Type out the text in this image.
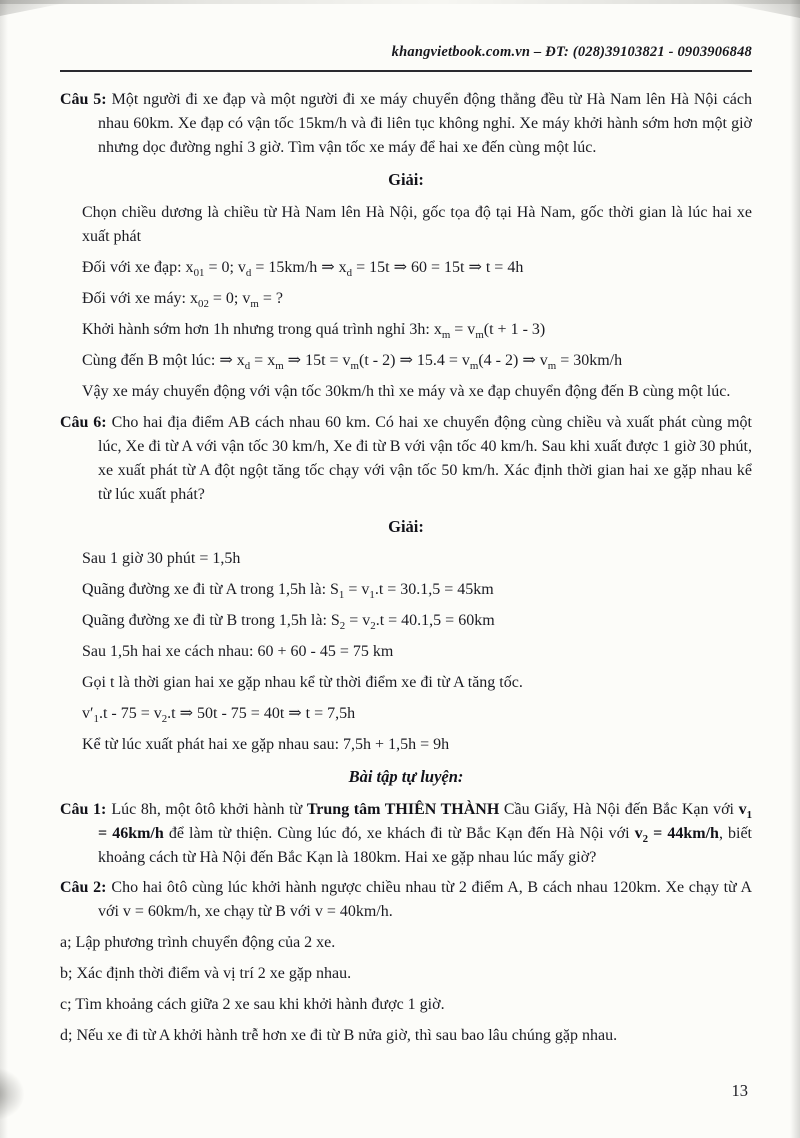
khangvietbook.com.vn – ĐT: (028)39103821 - 0903906848

Câu 5: Một người đi xe đạp và một người đi xe máy chuyển động thẳng đều từ Hà Nam lên Hà Nội cách nhau 60km. Xe đạp có vận tốc 15km/h và đi liên tục không nghỉ. Xe máy khởi hành sớm hơn một giờ nhưng dọc đường nghỉ 3 giờ. Tìm vận tốc xe máy để hai xe đến cùng một lúc.

Giải:

Chọn chiều dương là chiều từ Hà Nam lên Hà Nội, gốc tọa độ tại Hà Nam, gốc thời gian là lúc hai xe xuất phát

Đối với xe đạp: $x_{01} = 0$; $v_d = 15km/h$ ⇒ $x_d = 15t$ ⇒ 60 = 15t ⇒ t = 4h

Đối với xe máy: $x_{02} = 0$; $v_m$ = ?

Khởi hành sớm hơn 1h nhưng trong quá trình nghỉ 3h: $x_m = v_m(t + 1 - 3)$

Cùng đến B một lúc: ⇒ $x_d = x_m$ ⇒ $15t = v_m(t - 2)$ ⇒ $15.4 = v_m(4 - 2)$ ⇒ $v_m = 30km/h$

Vậy xe máy chuyển động với vận tốc 30km/h thì xe máy và xe đạp chuyển động đến B cùng một lúc.

Câu 6: Cho hai địa điểm AB cách nhau 60 km. Có hai xe chuyển động cùng chiều và xuất phát cùng một lúc, Xe đi từ A với vận tốc 30 km/h, Xe đi từ B với vận tốc 40 km/h. Sau khi xuất được 1 giờ 30 phút, xe xuất phát từ A đột ngột tăng tốc chạy với vận tốc 50 km/h. Xác định thời gian hai xe gặp nhau kể từ lúc xuất phát?

Giải:

Sau 1 giờ 30 phút = 1,5h

Quãng đường xe đi từ A trong 1,5h là: $S_1 = v_1.t = 30.1,5 = 45km$

Quãng đường xe đi từ B trong 1,5h là: $S_2 = v_2.t = 40.1,5 = 60km$

Sau 1,5h hai xe cách nhau: 60 + 60 - 45 = 75 km

Gọi t là thời gian hai xe gặp nhau kể từ thời điểm xe đi từ A tăng tốc.

$v'_1.t - 75 = v_2.t$ ⇒ 50t - 75 = 40t ⇒ t = 7,5h

Kể từ lúc xuất phát hai xe gặp nhau sau: 7,5h + 1,5h = 9h

Bài tập tự luyện:

Câu 1: Lúc 8h, một ôtô khởi hành từ Trung tâm THIÊN THÀNH Cầu Giấy, Hà Nội đến Bắc Kạn với $v_1 = 46km/h$ để làm từ thiện. Cùng lúc đó, xe khách đi từ Bắc Kạn đến Hà Nội với $v_2 = 44km/h$, biết khoảng cách từ Hà Nội đến Bắc Kạn là 180km. Hai xe gặp nhau lúc mấy giờ?

Câu 2: Cho hai ôtô cùng lúc khởi hành ngược chiều nhau từ 2 điểm A, B cách nhau 120km. Xe chạy từ A với v = 60km/h, xe chạy từ B với v = 40km/h.

a; Lập phương trình chuyển động của 2 xe.

b; Xác định thời điểm và vị trí 2 xe gặp nhau.

c; Tìm khoảng cách giữa 2 xe sau khi khởi hành được 1 giờ.

d; Nếu xe đi từ A khởi hành trễ hơn xe đi từ B nửa giờ, thì sau bao lâu chúng gặp nhau.

13
